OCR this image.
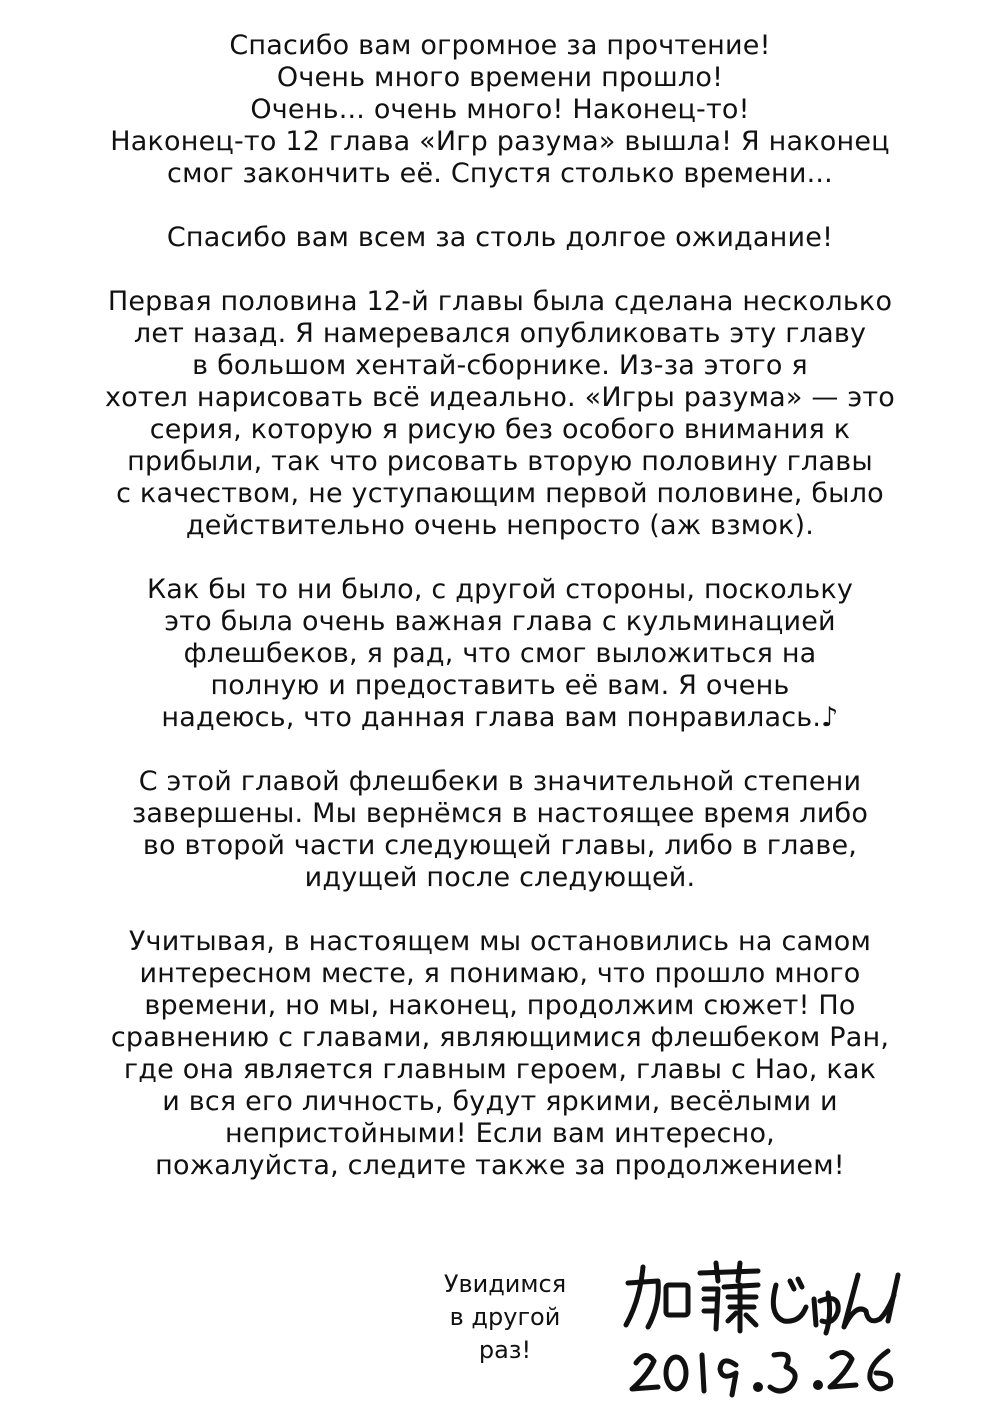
Спасибо вам огромное за прочтение!
Очень много времени прошло!
Очень... очень много! Наконец-то!
Наконец-то 12 глава «Игр разума» вышла! Я наконец
смог закончить её. Спустя столько времени...
Спасибо вам всем за столь долгое ожидание!
Первая половина 12-й главы была сделана несколько
лет назад. Я намеревался опубликовать эту главу
в большом хентай-сборнике. Из-за этого я
хотел нарисовать всё идеально. «Игры разума» — это
серия, которую я рисую без особого внимания к
прибыли, так что рисовать вторую половину главы
с качеством, не уступающим первой половине, было
действительно очень непросто (аж взмок).
Как бы то ни было, с другой стороны, поскольку
это была очень важная глава с кульминацией
флешбеков, я рад, что смог выложиться на
полную и предоставить её вам. Я очень
надеюсь, что данная глава вам понравилась.♪
С этой главой флешбеки в значительной степени
завершены. Мы вернёмся в настоящее время либо
во второй части следующей главы, либо в главе,
идущей после следующей.
Учитывая, в настоящем мы остановились на самом
интересном месте, я понимаю, что прошло много
времени, но мы, наконец, продолжим сюжет! По
сравнению с главами, являющимися флешбеком Ран,
где она является главным героем, главы с Нао, как
и вся его личность, будут яркими, весёлыми и
непристойными! Если вам интересно,
пожалуйста, следите также за продолжением!
Увидимся
в другой
раз!
